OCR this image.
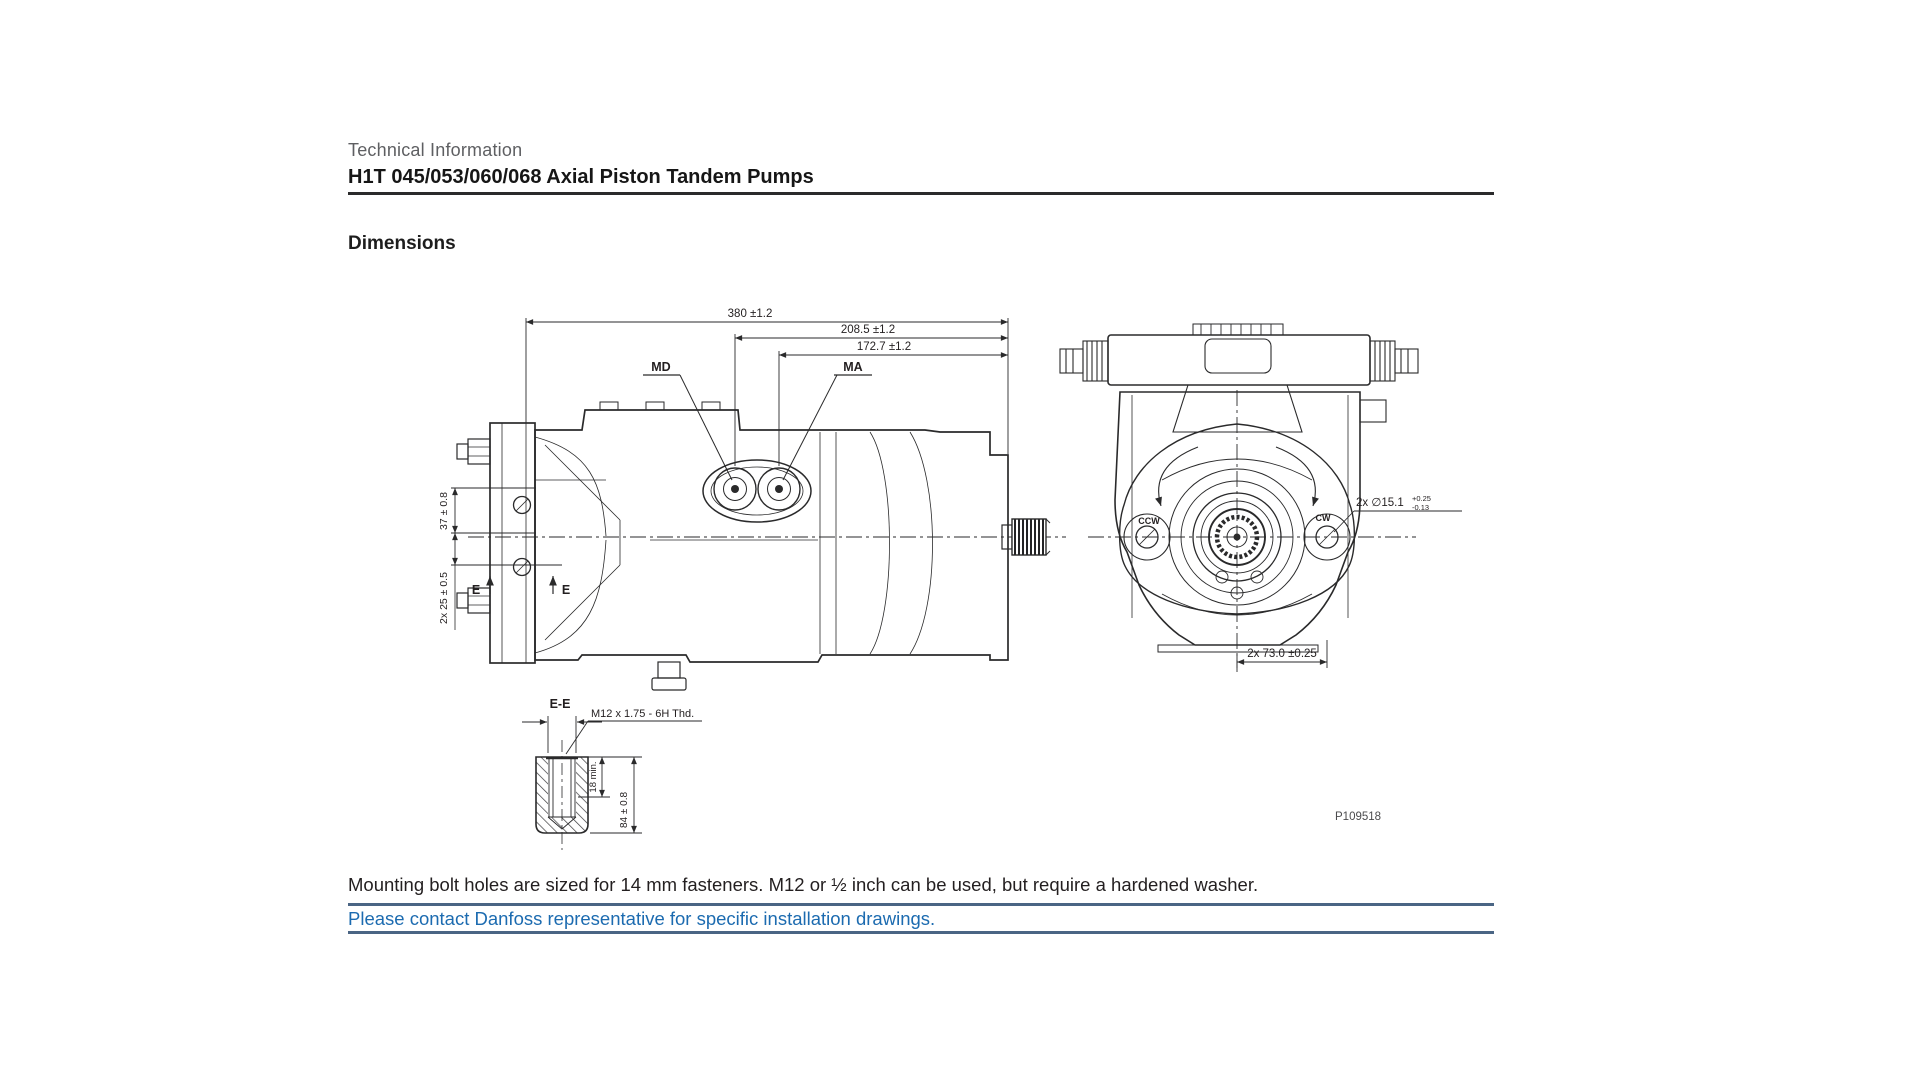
Technical Information
H1T 045/053/060/068 Axial Piston Tandem Pumps
Dimensions
380 ±1.2
208.5 ±1.2
172.7 ±1.2
MD	MA
37 ± 0.8
2x 25 ± 0.5 E	E
E-E
M12 x 1.75 - 6H Thd.
18 min.
84 ± 0.8
CCW	CW
2x ∅15.1 +0.25
-0.13
2x 73.0 ±0.25
P109518
Mounting bolt holes are sized for 14 mm fasteners. M12 or ½ inch can be used, but require a hardened washer.
Please contact Danfoss representative for specific installation drawings.
